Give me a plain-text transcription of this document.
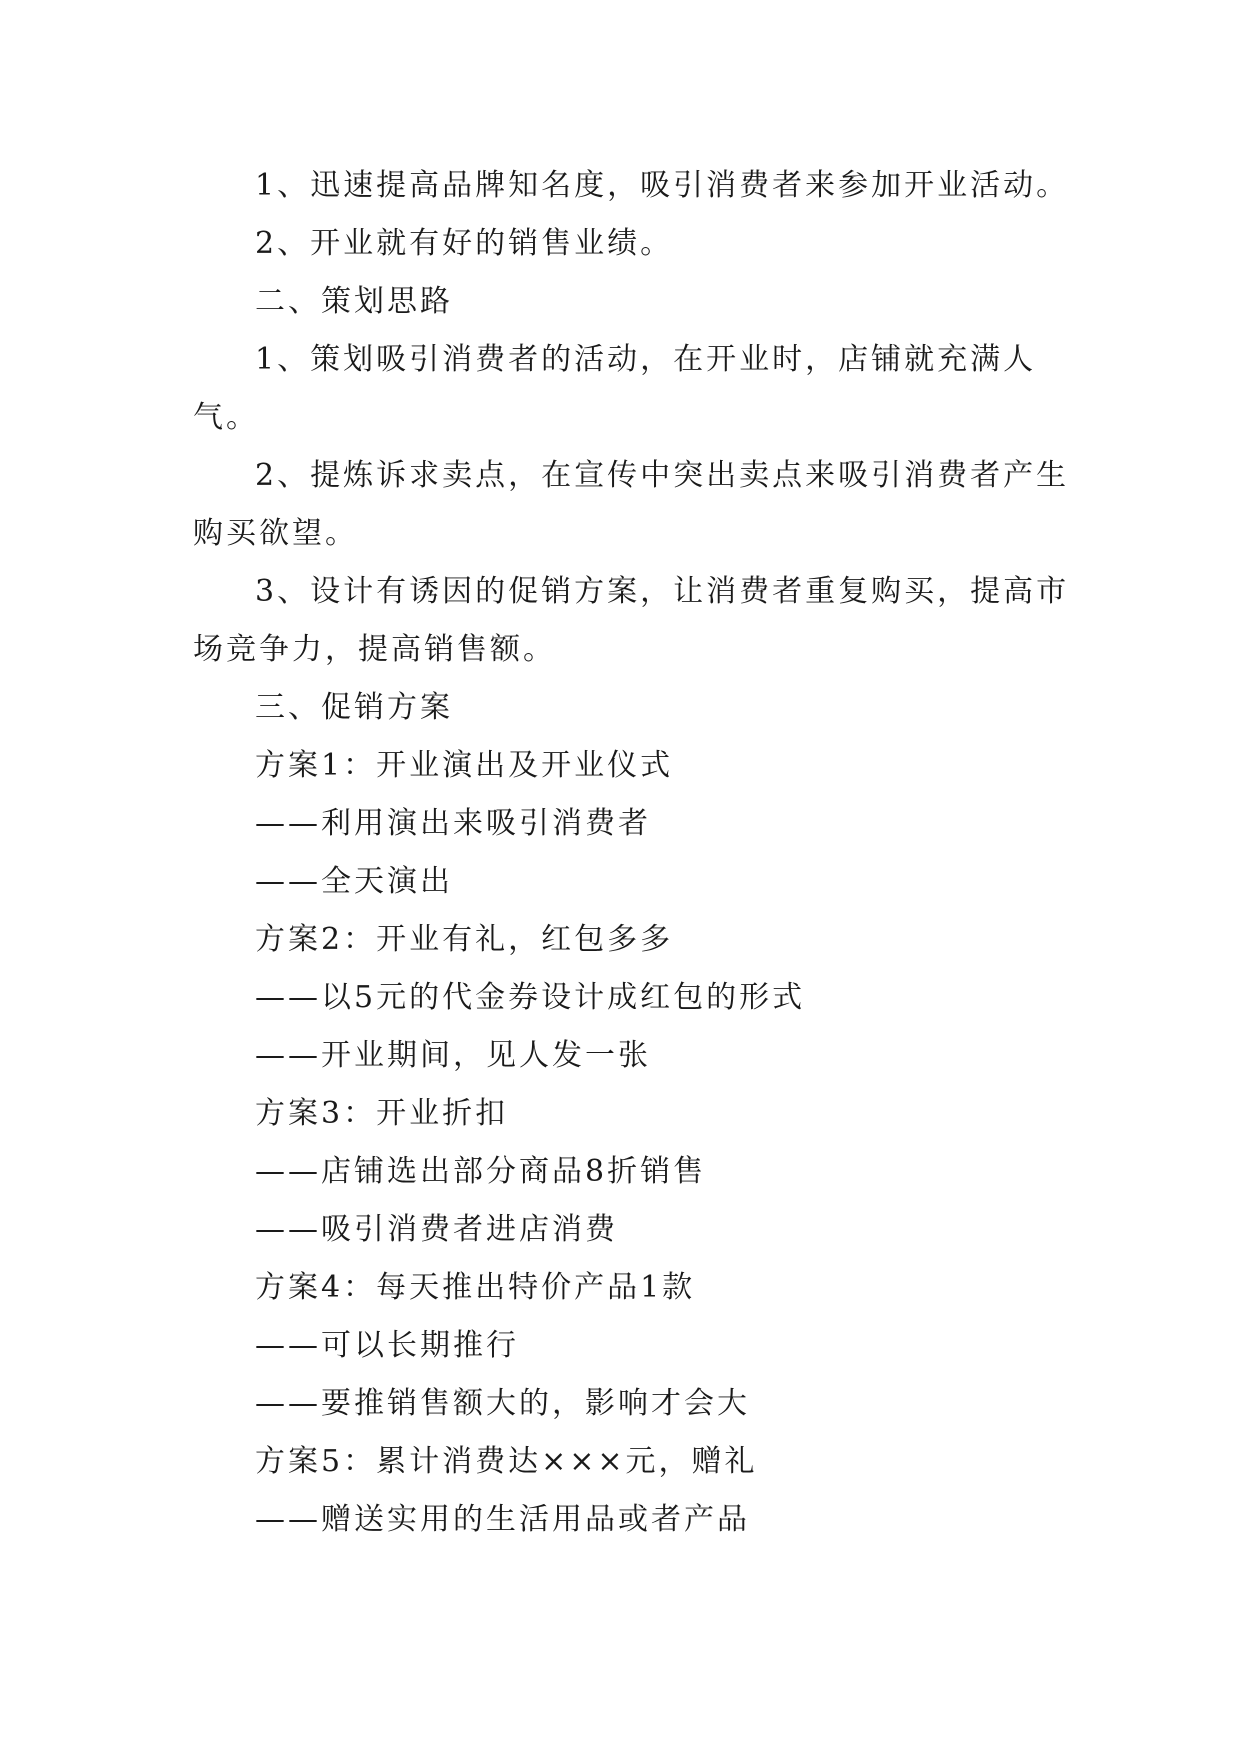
1、迅速提高品牌知名度，吸引消费者来参加开业活动。

2、开业就有好的销售业绩。

二、策划思路

1、策划吸引消费者的活动，在开业时，店铺就充满人气。

2、提炼诉求卖点，在宣传中突出卖点来吸引消费者产生购买欲望。

3、设计有诱因的促销方案，让消费者重复购买，提高市场竞争力，提高销售额。

三、促销方案

方案1：开业演出及开业仪式

——利用演出来吸引消费者

——全天演出

方案2：开业有礼，红包多多

——以5元的代金券设计成红包的形式

——开业期间，见人发一张

方案3：开业折扣

——店铺选出部分商品8折销售

——吸引消费者进店消费

方案4：每天推出特价产品1款

——可以长期推行

——要推销售额大的，影响才会大

方案5：累计消费达×××元，赠礼

——赠送实用的生活用品或者产品
